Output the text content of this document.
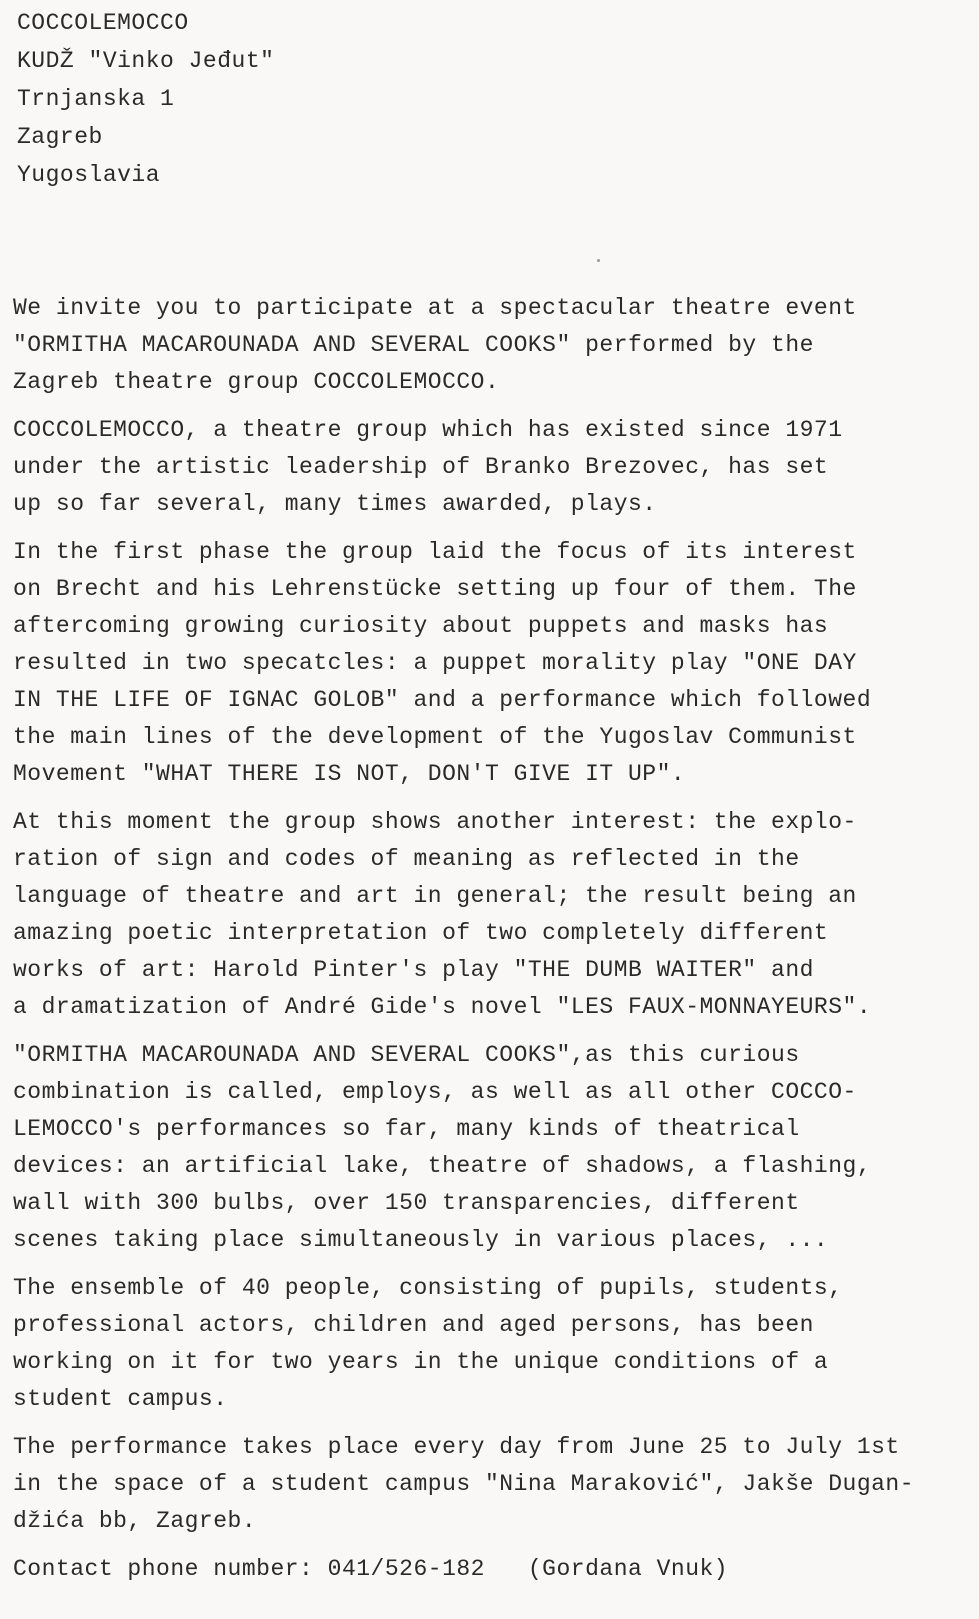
COCCOLEMOCCO
KUDŽ "Vinko Jeđut"
Trnjanska 1
Zagreb
Yugoslavia
We invite you to participate at a spectacular theatre event
"ORMITHA MACAROUNADA AND SEVERAL COOKS" performed by the
Zagreb theatre group COCCOLEMOCCO.
COCCOLEMOCCO, a theatre group which has existed since 1971
under the artistic leadership of Branko Brezovec, has set
up so far several, many times awarded, plays.
In the first phase the group laid the focus of its interest
on Brecht and his Lehrenstücke setting up four of them. The
aftercoming growing curiosity about puppets and masks has
resulted in two specatcles: a puppet morality play "ONE DAY
IN THE LIFE OF IGNAC GOLOB" and a performance which followed
the main lines of the development of the Yugoslav Communist
Movement "WHAT THERE IS NOT, DON'T GIVE IT UP".
At this moment the group shows another interest: the explo-
ration of sign and codes of meaning as reflected in the
language of theatre and art in general; the result being an
amazing poetic interpretation of two completely different
works of art: Harold Pinter's play "THE DUMB WAITER" and
a dramatization of André Gide's novel "LES FAUX-MONNAYEURS".
"ORMITHA MACAROUNADA AND SEVERAL COOKS",as this curious
combination is called, employs, as well as all other COCCO-
LEMOCCO's performances so far, many kinds of theatrical
devices: an artificial lake, theatre of shadows, a flashing,
wall with 300 bulbs, over 150 transparencies, different
scenes taking place simultaneously in various places, ...
The ensemble of 40 people, consisting of pupils, students,
professional actors, children and aged persons, has been
working on it for two years in the unique conditions of a
student campus.
The performance takes place every day from June 25 to July 1st
in the space of a student campus "Nina Maraković", Jakše Dugan-
džića bb, Zagreb.
Contact phone number: 041/526-182   (Gordana Vnuk)
